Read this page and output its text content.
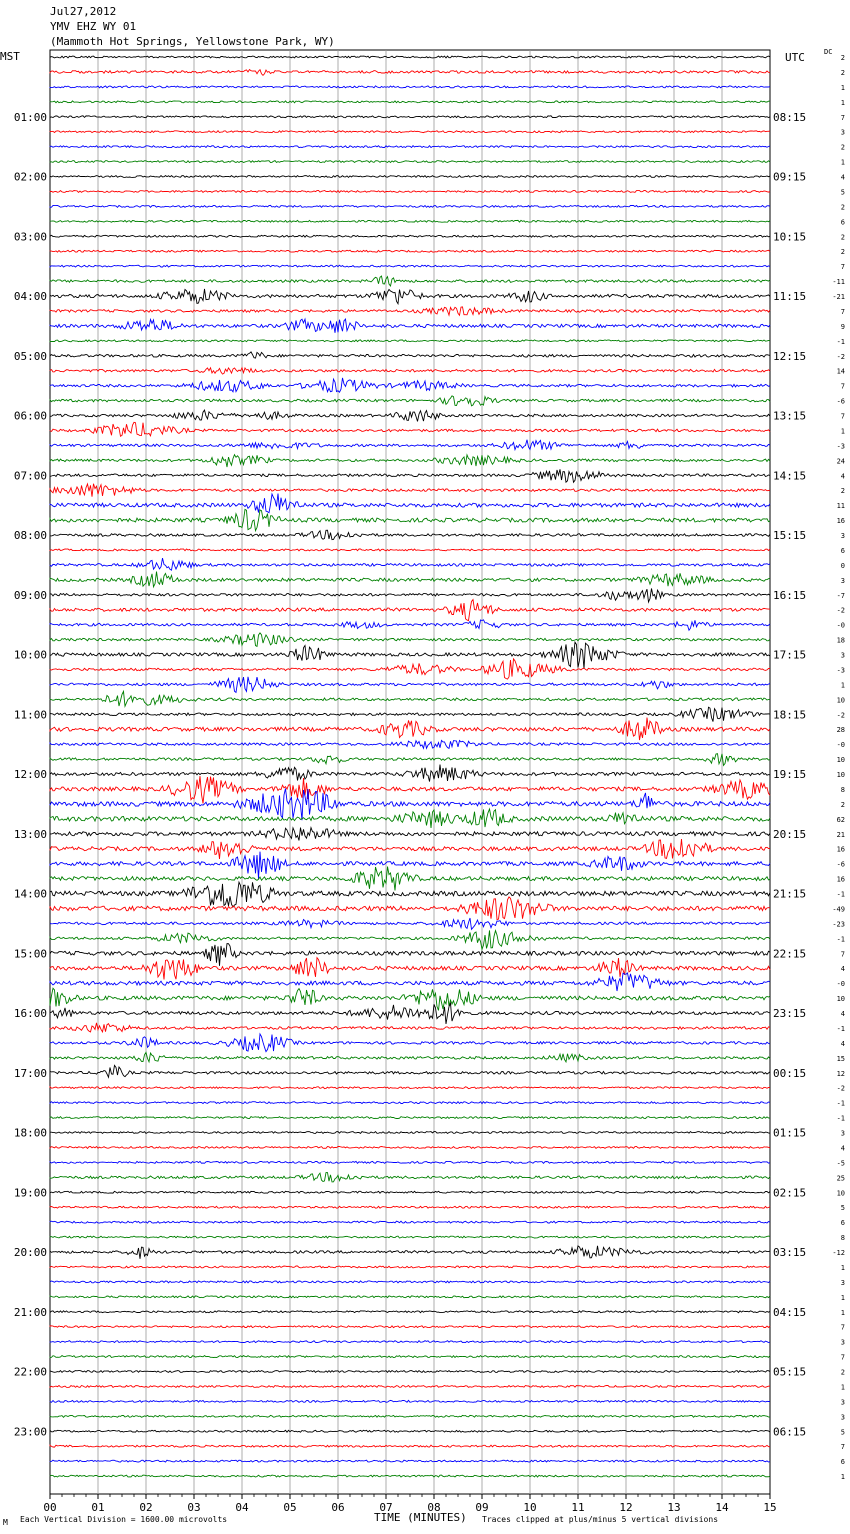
Jul27,2012
YMV EHZ WY 01
(Mammoth Hot Springs, Yellowstone Park, WY)
MST	UTC	DC
01:00
02:00
03:00
04:00
05:00
06:00
07:00
08:00
09:00
10:00
11:00
12:00
13:00
14:00
15:00
16:00
17:00
18:00
19:00
20:00
21:00
22:00
23:00
08:15
09:15
10:15
11:15
12:15
13:15
14:15
15:15
16:15
17:15
18:15
19:15
20:15
21:15
22:15
23:15
00:15
01:15
02:15
03:15
04:15
05:15
06:15
2
2
1
1
7
3
2
1
4
5
2
6
2
2
7
-11
-21
7
9
-1
-2
14
7
-6
7
1
-3
24
4
2
11
16
3
6
0
3
-7
-2
-0
18
3
-3
1
10
-2
28
-0
10
10
8
2
62
21
16
-6
16
-1
-49
-23
-1
7
4
-0
10
4
-1
4
15
12
-2
-1
-1
3
4
-5
25
10
5
6
8
-12
1
3
1
1
7
3
7
2
1
3
3
5
7
6
1
00	01	02	03	04	05	06	07	08	09	10	11	12	13	14	15
M Each Vertical Division = 1600.00 microvolts	TIME (MINUTES) Traces clipped at plus/minus 5 vertical divisions
